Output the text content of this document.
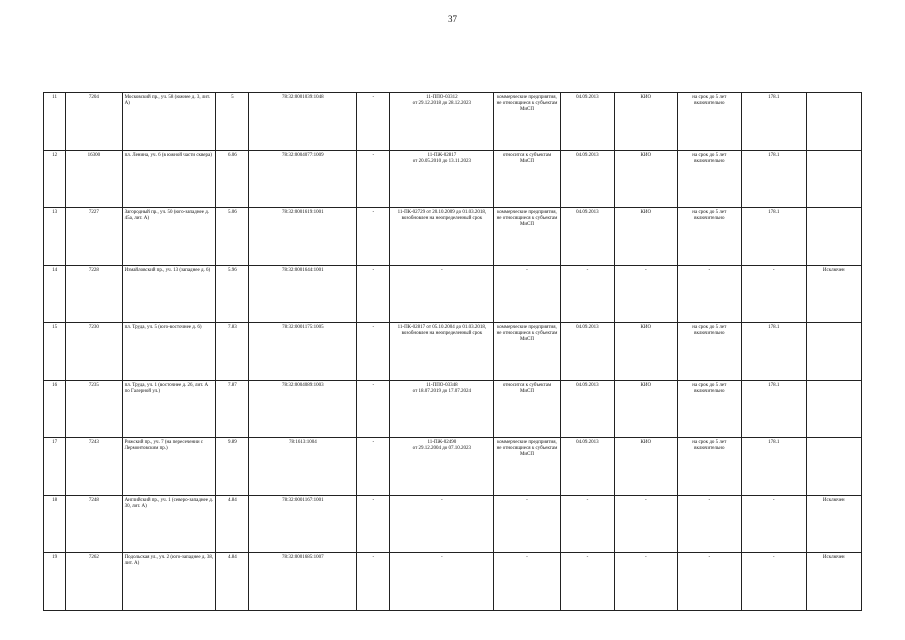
37
11	7204	Московский пр., уч. 58 (южнее д. 3, лит. А)	5	78:32:0001039:1048	-	11-ППО-03312
от 29.12.2018 до 28.12.2023	коммерческие предприятия, не относящиеся к субъектам МиСП	04.09.2013	КИО	на срок до 5 лет включительно	178.1	
12	16300	пл. Ленина, уч. 6 (в южной части сквера)	6.06	78:32:0004077:1009	-	11-ПЖ-02817
от 20.05.2010 до 13.11.2023	относится к субъектам МиСП	04.09.2013	КИО	на срок до 5 лет включительно	178.1	
13	7227	Загородный пр., уч. 50 (юго-западнее д. 45а, лит. А)	5.06	78:32:0001619:1001	-	11-ПК-02729 от 20.10.2009 до 01.03.2018, возобновлен на неопределенный срок	коммерческие предприятия, не относящиеся к субъектам МиСП	04.09.2013	КИО	на срок до 5 лет включительно	178.1	
14	7228	Измайловский пр., уч. 13 (западнее д. 6)	5.96	78:32:0001644:1001	-	-	-	-	-	-	-	Исключен
15	7230	пл. Труда, уч. 5 (юго-восточнее д. 6)	7.83	78:32:0001175:1005	-	11-ПК-02817 от 05.10.2004 до 01.03.2018, возобновлен на неопределенный срок	коммерческие предприятия, не относящиеся к субъектам МиСП	04.09.2013	КИО	на срок до 5 лет включительно	178.1	
16	7235	пл. Труда, уч. 1 (восточнее д. 26, лит. А по Галерной ул.)	7.87	78:32:0004089:1003	-	11-ППО-03348
от 18.07.2019 до 17.07.2024	относится к субъектам МиСП	04.09.2013	КИО	на срок до 5 лет включительно	178.1	
17	7243	Рижский пр., уч. 7 (на пересечении с Лермонтовским пр.)	9.89	78:1613:1004	-	11-ПЖ-02490
от 29.12.2004 до 07.10.2023	коммерческие предприятия, не относящиеся к субъектам МиСП	04.09.2013	КИО	на срок до 5 лет включительно	178.1	
18	7248	Английский пр., уч. 1 (северо-западнее д. 30, лит. А)	4.84	78:32:0001167:1001	-	-	-	-	-	-	-	Исключен
19	7262	Подольская ул., уч. 2 (юго-западнее д. 38, лит. А)	4.84	78:32:0001685:1007	-	-	-	-	-	-	-	Исключен
